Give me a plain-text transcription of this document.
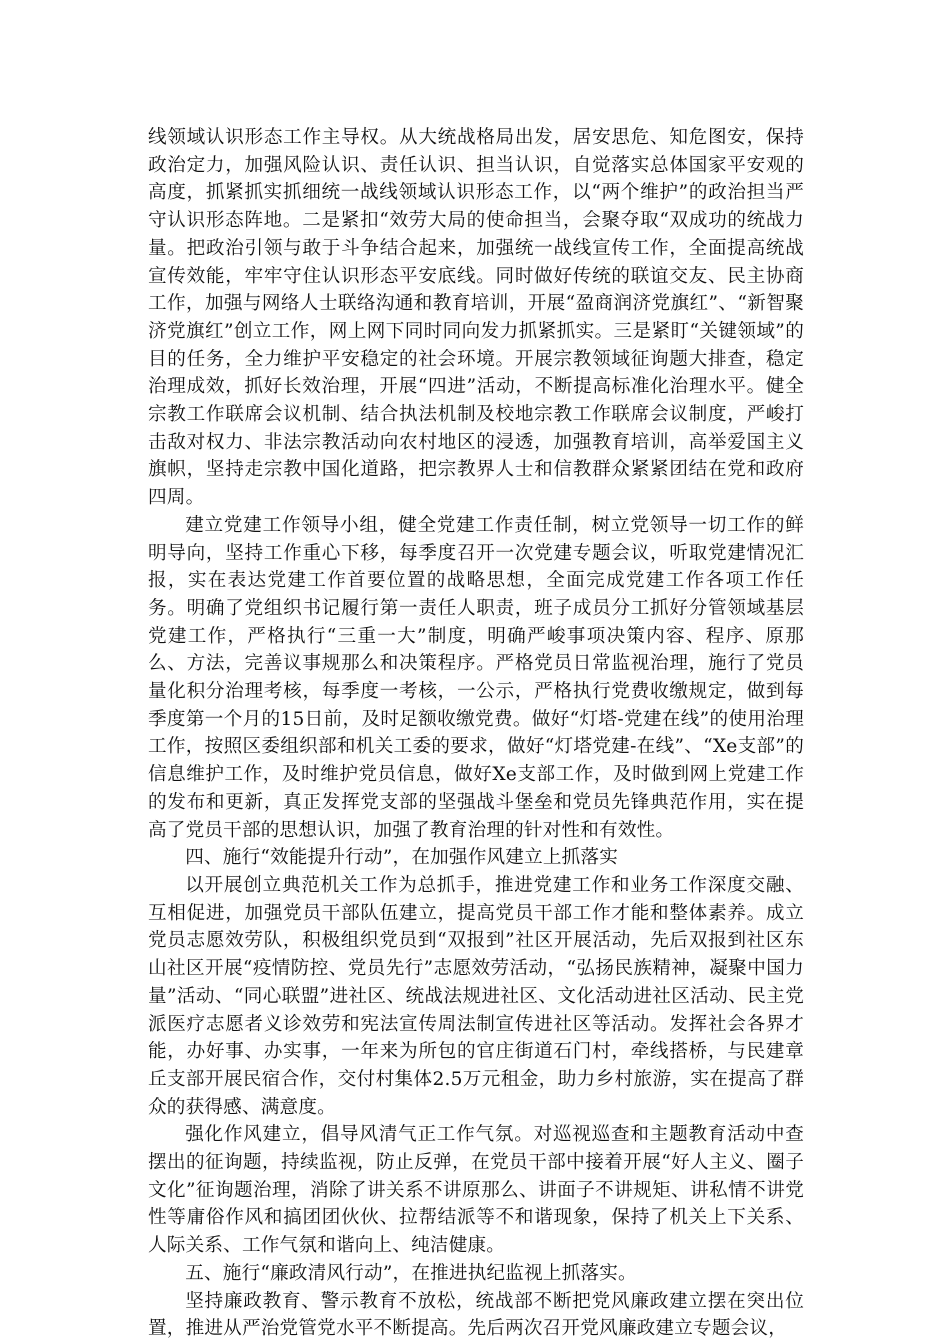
线领域认识形态工作主导权。从大统战格局出发，居安思危、知危图安，保持政治定力，加强风险认识、责任认识、担当认识，自觉落实总体国家平安观的高度，抓紧抓实抓细统一战线领域认识形态工作，以“两个维护”的政治担当严守认识形态阵地。二是紧扣“效劳大局的使命担当，会聚夺取“双成功的统战力量。把政治引领与敢于斗争结合起来，加强统一战线宣传工作，全面提高统战宣传效能，牢牢守住认识形态平安底线。同时做好传统的联谊交友、民主协商工作，加强与网络人士联络沟通和教育培训，开展“盈商润济党旗红”、“新智聚济党旗红”创立工作，网上网下同时同向发力抓紧抓实。三是紧盯“关键领域”的目的任务，全力维护平安稳定的社会环境。开展宗教领域征询题大排查，稳定治理成效，抓好长效治理，开展“四进”活动，不断提高标准化治理水平。健全宗教工作联席会议机制、结合执法机制及校地宗教工作联席会议制度，严峻打击敌对权力、非法宗教活动向农村地区的浸透，加强教育培训，高举爱国主义旗帜，坚持走宗教中国化道路，把宗教界人士和信教群众紧紧团结在党和政府四周。

建立党建工作领导小组，健全党建工作责任制，树立党领导一切工作的鲜明导向，坚持工作重心下移，每季度召开一次党建专题会议，听取党建情况汇报，实在表达党建工作首要位置的战略思想，全面完成党建工作各项工作任务。明确了党组织书记履行第一责任人职责，班子成员分工抓好分管领域基层党建工作，严格执行“三重一大”制度，明确严峻事项决策内容、程序、原那么、方法，完善议事规那么和决策程序。严格党员日常监视治理，施行了党员量化积分治理考核，每季度一考核，一公示，严格执行党费收缴规定，做到每季度第一个月的15日前，及时足额收缴党费。做好“灯塔-党建在线”的使用治理工作，按照区委组织部和机关工委的要求，做好“灯塔党建-在线”、“Xe支部”的信息维护工作，及时维护党员信息，做好Xe支部工作，及时做到网上党建工作的发布和更新，真正发挥党支部的坚强战斗堡垒和党员先锋典范作用，实在提高了党员干部的思想认识，加强了教育治理的针对性和有效性。

四、施行“效能提升行动”，在加强作风建立上抓落实

以开展创立典范机关工作为总抓手，推进党建工作和业务工作深度交融、互相促进，加强党员干部队伍建立，提高党员干部工作才能和整体素养。成立党员志愿效劳队，积极组织党员到“双报到”社区开展活动，先后双报到社区东山社区开展“疫情防控、党员先行”志愿效劳活动，“弘扬民族精神，凝聚中国力量”活动、“同心联盟”进社区、统战法规进社区、文化活动进社区活动、民主党派医疗志愿者义诊效劳和宪法宣传周法制宣传进社区等活动。发挥社会各界才能，办好事、办实事，一年来为所包的官庄街道石门村，牵线搭桥，与民建章丘支部开展民宿合作，交付村集体2.5万元租金，助力乡村旅游，实在提高了群众的获得感、满意度。

强化作风建立，倡导风清气正工作气氛。对巡视巡查和主题教育活动中查摆出的征询题，持续监视，防止反弹，在党员干部中接着开展“好人主义、圈子文化”征询题治理，消除了讲关系不讲原那么、讲面子不讲规矩、讲私情不讲党性等庸俗作风和搞团团伙伙、拉帮结派等不和谐现象，保持了机关上下关系、人际关系、工作气氛和谐向上、纯洁健康。

五、施行“廉政清风行动”，在推进执纪监视上抓落实。

坚持廉政教育、警示教育不放松，统战部不断把党风廉政建立摆在突出位置，推进从严治党管党水平不断提高。先后两次召开党风廉政建立专题会议，
